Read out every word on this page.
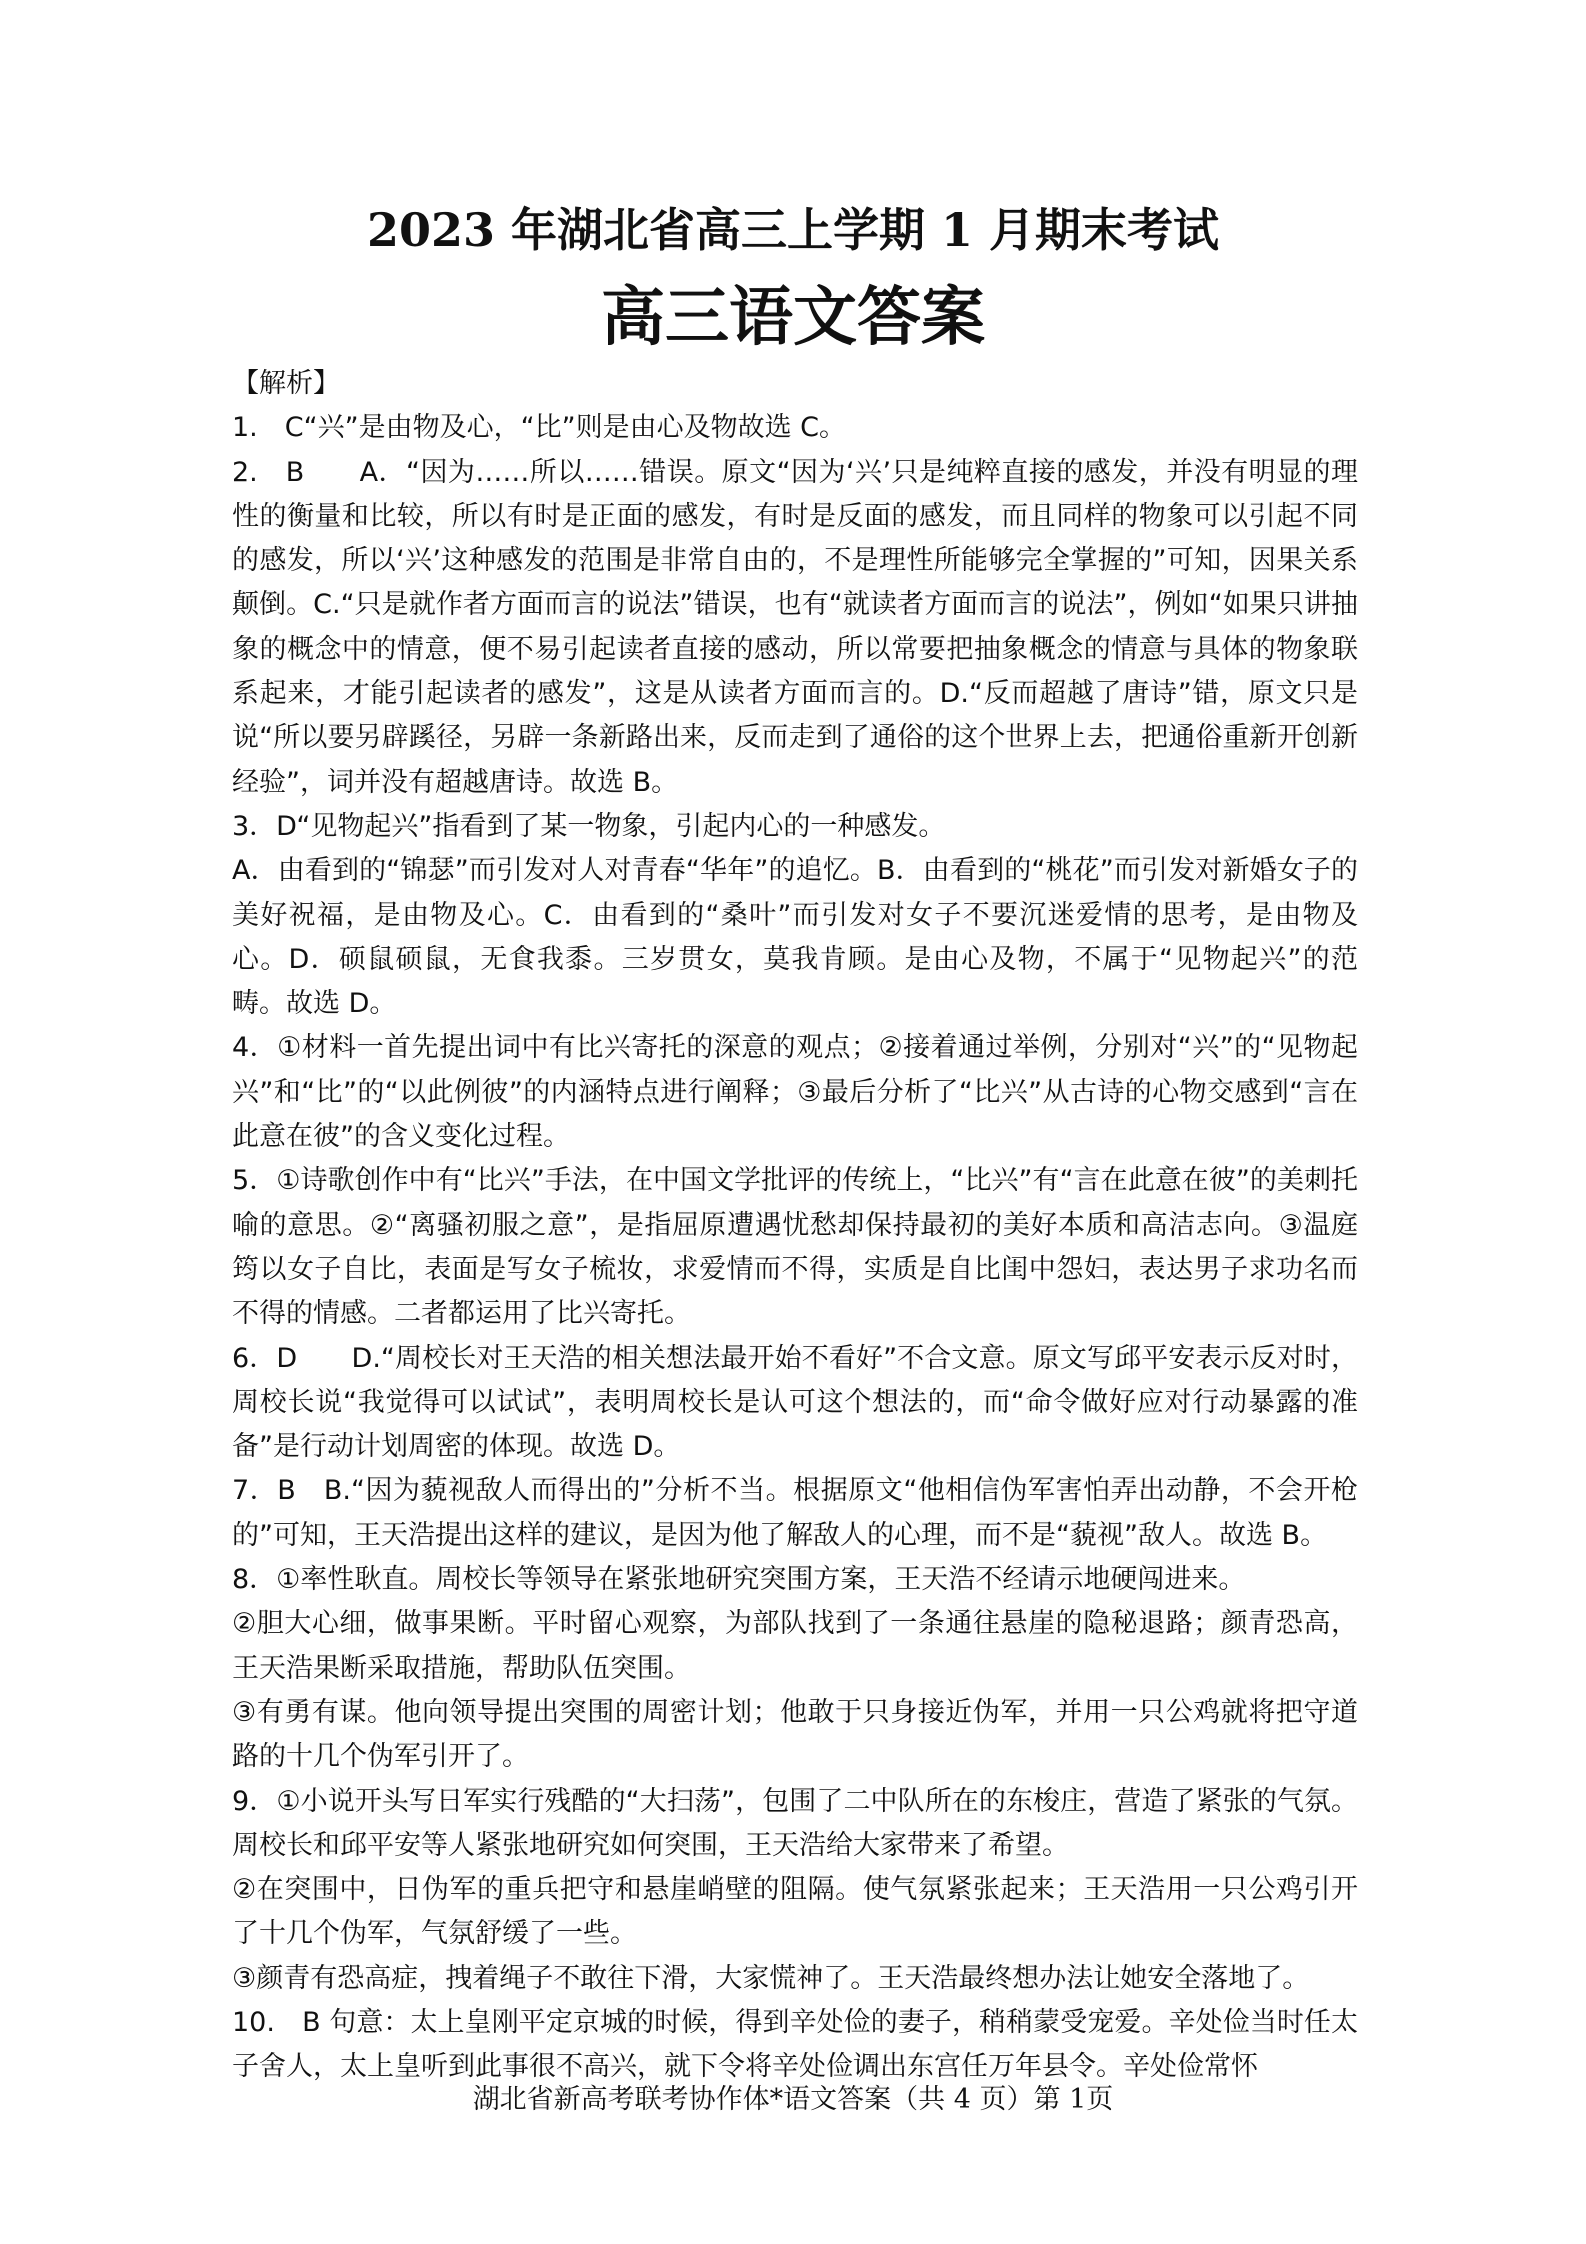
2023 年湖北省高三上学期 1 月期末考试
高三语文答案

【解析】

1.　C“兴”是由物及心，“比”则是由心及物故选 C。

2.　B　　A．“因为……所以……错误。原文“因为‘兴’只是纯粹直接的感发，并没有明显的理性的衡量和比较，所以有时是正面的感发，有时是反面的感发，而且同样的物象可以引起不同的感发，所以‘兴’这种感发的范围是非常自由的，不是理性所能够完全掌握的”可知，因果关系颠倒。C.“只是就作者方面而言的说法”错误，也有“就读者方面而言的说法”，例如“如果只讲抽象的概念中的情意，便不易引起读者直接的感动，所以常要把抽象概念的情意与具体的物象联系起来，才能引起读者的感发”，这是从读者方面而言的。D.“反而超越了唐诗”错，原文只是说“所以要另辟蹊径，另辟一条新路出来，反而走到了通俗的这个世界上去，把通俗重新开创新经验”，词并没有超越唐诗。故选 B。

3．D“见物起兴”指看到了某一物象，引起内心的一种感发。

A．由看到的“锦瑟”而引发对人对青春“华年”的追忆。B．由看到的“桃花”而引发对新婚女子的美好祝福，是由物及心。C．由看到的“桑叶”而引发对女子不要沉迷爱情的思考，是由物及心。D．硕鼠硕鼠，无食我黍。三岁贯女，莫我肯顾。是由心及物，不属于“见物起兴”的范畴。故选 D。

4．①材料一首先提出词中有比兴寄托的深意的观点；②接着通过举例，分别对“兴”的“见物起兴”和“比”的“以此例彼”的内涵特点进行阐释；③最后分析了“比兴”从古诗的心物交感到“言在此意在彼”的含义变化过程。

5．①诗歌创作中有“比兴”手法，在中国文学批评的传统上，“比兴”有“言在此意在彼”的美刺托喻的意思。②“离骚初服之意”，是指屈原遭遇忧愁却保持最初的美好本质和高洁志向。③温庭筠以女子自比，表面是写女子梳妆，求爱情而不得，实质是自比闺中怨妇，表达男子求功名而不得的情感。二者都运用了比兴寄托。

6．D　　D.“周校长对王天浩的相关想法最开始不看好”不合文意。原文写邱平安表示反对时，周校长说“我觉得可以试试”，表明周校长是认可这个想法的，而“命令做好应对行动暴露的准备”是行动计划周密的体现。故选 D。

7．B　B.“因为藐视敌人而得出的”分析不当。根据原文“他相信伪军害怕弄出动静，不会开枪的”可知，王天浩提出这样的建议，是因为他了解敌人的心理，而不是“藐视”敌人。故选 B。

8．①率性耿直。周校长等领导在紧张地研究突围方案，王天浩不经请示地硬闯进来。

②胆大心细，做事果断。平时留心观察，为部队找到了一条通往悬崖的隐秘退路；颜青恐高，王天浩果断采取措施，帮助队伍突围。

③有勇有谋。他向领导提出突围的周密计划；他敢于只身接近伪军，并用一只公鸡就将把守道路的十几个伪军引开了。

9．①小说开头写日军实行残酷的“大扫荡”，包围了二中队所在的东梭庄，营造了紧张的气氛。周校长和邱平安等人紧张地研究如何突围，王天浩给大家带来了希望。

②在突围中，日伪军的重兵把守和悬崖峭壁的阻隔。使气氛紧张起来；王天浩用一只公鸡引开了十几个伪军，气氛舒缓了一些。

③颜青有恐高症，拽着绳子不敢往下滑，大家慌神了。王天浩最终想办法让她安全落地了。

10.　B 句意：太上皇刚平定京城的时候，得到辛处俭的妻子，稍稍蒙受宠爱。辛处俭当时任太子舍人，太上皇听到此事很不高兴，就下令将辛处俭调出东宫任万年县令。辛处俭常怀

湖北省新高考联考协作体*语文答案（共 4 页）第 1页
